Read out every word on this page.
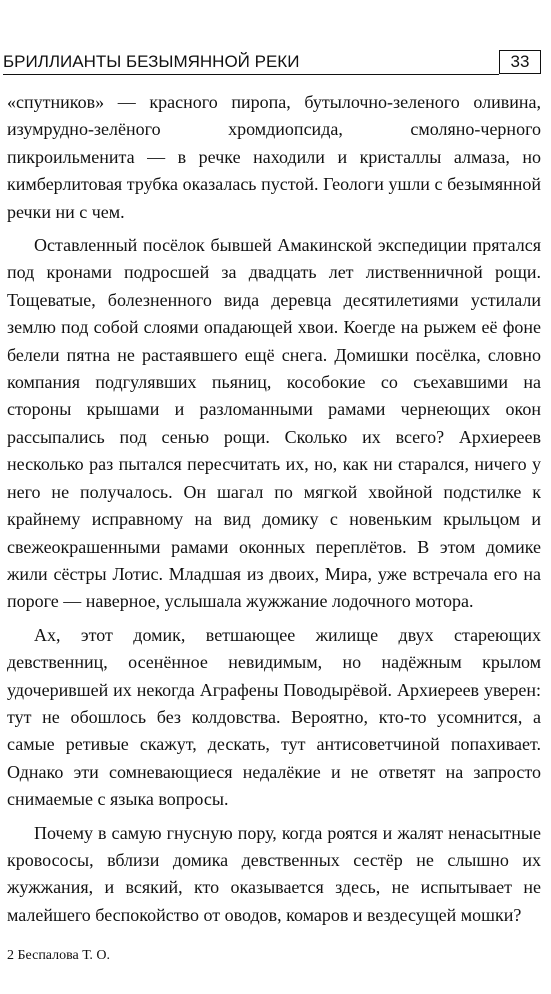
БРИЛЛИАНТЫ БЕЗЫМЯННОЙ РЕКИ	33

«спутников» — красного пиропа, бутылочно-зеленого оливина, изумрудно-зелёного хромдиопсида, смоляно-черного пикроильменита — в речке находили и кристаллы алмаза, но кимберлитовая трубка оказалась пустой. Геологи ушли с безымянной речки ни с чем.

Оставленный посёлок бывшей Амакинской экспедиции прятался под кронами подросшей за двадцать лет лиственничной рощи. Тощеватые, болезненного вида деревца десятилетиями устилали землю под собой слоями опадающей хвои. Коегде на рыжем её фоне белели пятна не растаявшего ещё снега. Домишки посёлка, словно компания подгулявших пьяниц, кособокие со съехавшими на стороны крышами и разломанными рамами чернеющих окон рассыпались под сенью рощи. Сколько их всего? Архиереев несколько раз пытался пересчитать их, но, как ни старался, ничего у него не получалось. Он шагал по мягкой хвойной подстилке к крайнему исправному на вид домику с новеньким крыльцом и свежеокрашенными рамами оконных переплётов. В этом домике жили сёстры Лотис. Младшая из двоих, Мира, уже встречала его на пороге — наверное, услышала жужжание лодочного мотора.

Ах, этот домик, ветшающее жилище двух стареющих девственниц, осенённое невидимым, но надёжным крылом удочерившей их некогда Аграфены Поводырёвой. Архиереев уверен: тут не обошлось без колдовства. Вероятно, кто-то усомнится, а самые ретивые скажут, дескать, тут антисоветчиной попахивает. Однако эти сомневающиеся недалёкие и не ответят на запросто снимаемые с языка вопросы.

Почему в самую гнусную пору, когда роятся и жалят ненасытные кровососы, вблизи домика девственных сестёр не слышно их жужжания, и всякий, кто оказывается здесь, не испытывает не малейшего беспокойство от оводов, комаров и вездесущей мошки?

2 Беспалова Т. О.
